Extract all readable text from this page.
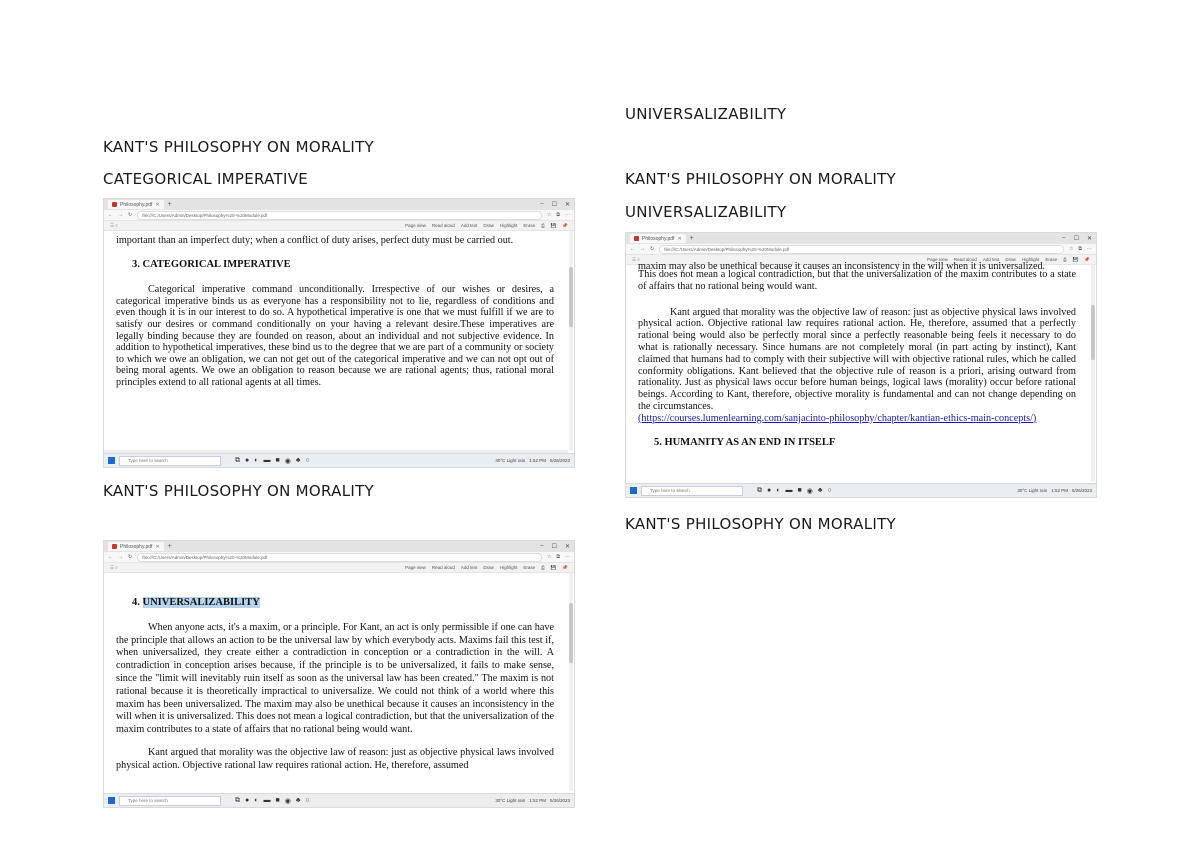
KANT'S PHILOSOPHY ON MORALITY
CATEGORICAL IMPERATIVE
KANT'S PHILOSOPHY ON MORALITY
UNIVERSALIZABILITY
KANT'S PHILOSOPHY ON MORALITY
UNIVERSALIZABILITY
KANT'S PHILOSOPHY ON MORALITY
Philosophy.pdf ✕ +	– ☐ ✕
← → ↻	file:///C:/Users/Admin/Desktop/Philosophy%20-%20Module.pdf	☆ ⧉ ⋯
☰ ⌕	Page view Read aloud Add text Draw Highlight Erase ⎙ 💾 📌

important than an imperfect duty; when a conflict of duty arises, perfect duty must be carried out.

3. CATEGORICAL IMPERATIVE

Categorical imperative command unconditionally. Irrespective of our wishes or desires, a categorical imperative binds us as everyone has a responsibility not to lie, regardless of conditions and even though it is in our interest to do so. A hypothetical imperative is one that we must fulfill if we are to satisfy our desires or command conditionally on your having a relevant desire.These imperatives are legally binding because they are founded on reason, about an individual and not subjective evidence. In addition to hypothetical imperatives, these bind us to the degree that we are part of a community or society to which we owe an obligation, we can not get out of the categorical imperative and we can not opt out of being moral agents. We owe an obligation to reason because we are rational agents; thus, rational moral principles extend to all rational agents at all times.

Type here to search	⧉ ● ◐ ▬ ■ ◉ ♣ ○	30°C Light rain 1:52 PM 5/26/2023
Philosophy.pdf ✕ +	– ☐ ✕
← → ↻	file:///C:/Users/Admin/Desktop/Philosophy%20-%20Module.pdf	☆ ⧉ ⋯
☰ ⌕	Page view Read aloud Add text Draw Highlight Erase ⎙ 💾 📌

4. UNIVERSALIZABILITY

When anyone acts, it's a maxim, or a principle. For Kant, an act is only permissible if one can have the principle that allows an action to be the universal law by which everybody acts. Maxims fail this test if, when universalized, they create either a contradiction in conception or a contradiction in the will. A contradiction in conception arises because, if the principle is to be universalized, it fails to make sense, since the "limit will inevitably ruin itself as soon as the universal law has been created." The maxim is not rational because it is theoretically impractical to universalize. We could not think of a world where this maxim has been universalized. The maxim may also be unethical because it causes an inconsistency in the will when it is universalized. This does not mean a logical contradiction, but that the universalization of the maxim contributes to a state of affairs that no rational being would want.

Kant argued that morality was the objective law of reason: just as objective physical laws involved physical action. Objective rational law requires rational action. He, therefore, assumed

Type here to search	⧉ ● ◐ ▬ ■ ◉ ♣ ○	30°C Light rain 1:52 PM 5/26/2023
Philosophy.pdf ✕ +	– ☐ ✕
← → ↻	file:///C:/Users/Admin/Desktop/Philosophy%20-%20Module.pdf	☆ ⧉ ⋯
☰ ⌕	Page view Read aloud Add text Draw Highlight Erase ⎙ 💾 📌

maxim may also be unethical because it causes an inconsistency in the will when it is universalized.

This does not mean a logical contradiction, but that the universalization of the maxim contributes to a state of affairs that no rational being would want.

Kant argued that morality was the objective law of reason: just as objective physical laws involved physical action. Objective rational law requires rational action. He, therefore, assumed that a perfectly rational being would also be perfectly moral since a perfectly reasonable being feels it necessary to do what is rationally necessary. Since humans are not completely moral (in part acting by instinct), Kant claimed that humans had to comply with their subjective will with objective rational rules, which he called conformity obligations. Kant believed that the objective rule of reason is a priori, arising outward from rationality. Just as physical laws occur before human beings, logical laws (morality) occur before rational beings. According to Kant, therefore, objective morality is fundamental and can not change depending on the circumstances.

(https://courses.lumenlearning.com/sanjacinto-philosophy/chapter/kantian-ethics-main-concepts/)

5. HUMANITY AS AN END IN ITSELF

Type here to search	⧉ ● ◐ ▬ ■ ◉ ♣ ○	30°C Light rain 1:52 PM 5/26/2023
